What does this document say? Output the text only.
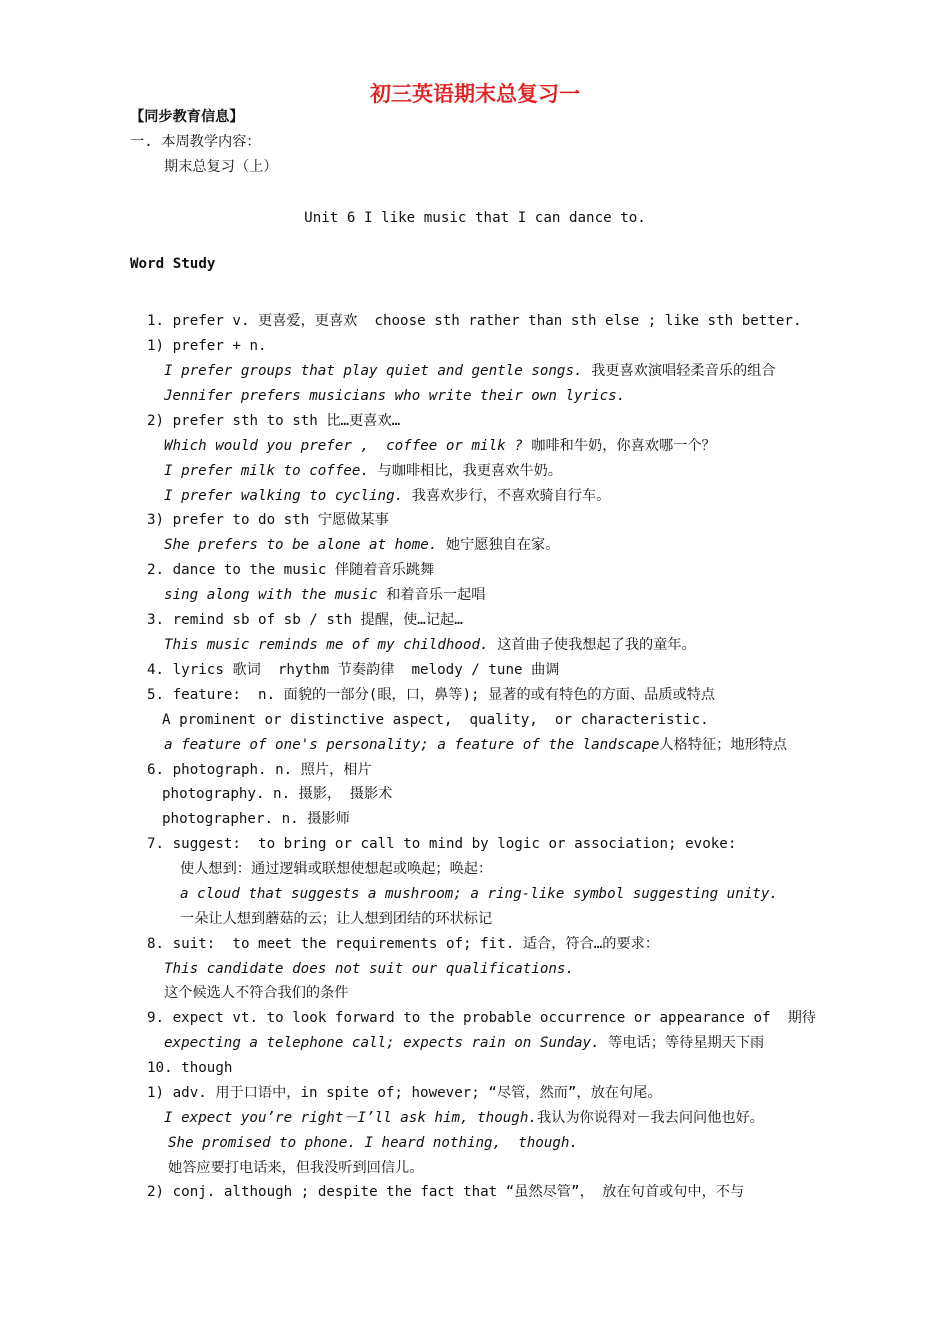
初三英语期末总复习一
【同步教育信息】
一. 本周教学内容：
期末总复习（上）
Unit 6 I like music that I can dance to.
Word Study
1. prefer v. 更喜爱，更喜欢  choose sth rather than sth else ; like sth better.
1) prefer + n.
I prefer groups that play quiet and gentle songs. 我更喜欢演唱轻柔音乐的组合
Jennifer prefers musicians who write their own lyrics.
2) prefer sth to sth 比…更喜欢…
Which would you prefer ,  coffee or milk ? 咖啡和牛奶，你喜欢哪一个？
I prefer milk to coffee. 与咖啡相比，我更喜欢牛奶。
I prefer walking to cycling. 我喜欢步行，不喜欢骑自行车。
3) prefer to do sth 宁愿做某事
She prefers to be alone at home. 她宁愿独自在家。
2. dance to the music 伴随着音乐跳舞
sing along with the music 和着音乐一起唱
3. remind sb of sb / sth 提醒，使…记起…
This music reminds me of my childhood. 这首曲子使我想起了我的童年。
4. lyrics 歌词  rhythm 节奏韵律  melody / tune 曲调
5. feature:  n. 面貌的一部分(眼，口，鼻等); 显著的或有特色的方面、品质或特点
A prominent or distinctive aspect,  quality,  or characteristic.
a feature of one's personality; a feature of the landscape人格特征；地形特点
6. photograph. n. 照片，相片
photography. n. 摄影， 摄影术
photographer. n. 摄影师
7. suggest:  to bring or call to mind by logic or association; evoke:
使人想到：通过逻辑或联想使想起或唤起；唤起：
a cloud that suggests a mushroom; a ring-like symbol suggesting unity.
一朵让人想到蘑菇的云；让人想到团结的环状标记
8. suit:  to meet the requirements of; fit. 适合，符合…的要求：
This candidate does not suit our qualifications.
这个候选人不符合我们的条件
9. expect vt. to look forward to the probable occurrence or appearance of  期待
expecting a telephone call; expects rain on Sunday. 等电话；等待星期天下雨
10. though
1) adv. 用于口语中，in spite of; however; “尽管，然而”，放在句尾。
I expect you’re right－I’ll ask him, though.我认为你说得对－我去问问他也好。
She promised to phone. I heard nothing,  though.
她答应要打电话来，但我没听到回信儿。
2) conj. although ; despite the fact that “虽然尽管”， 放在句首或句中，不与
